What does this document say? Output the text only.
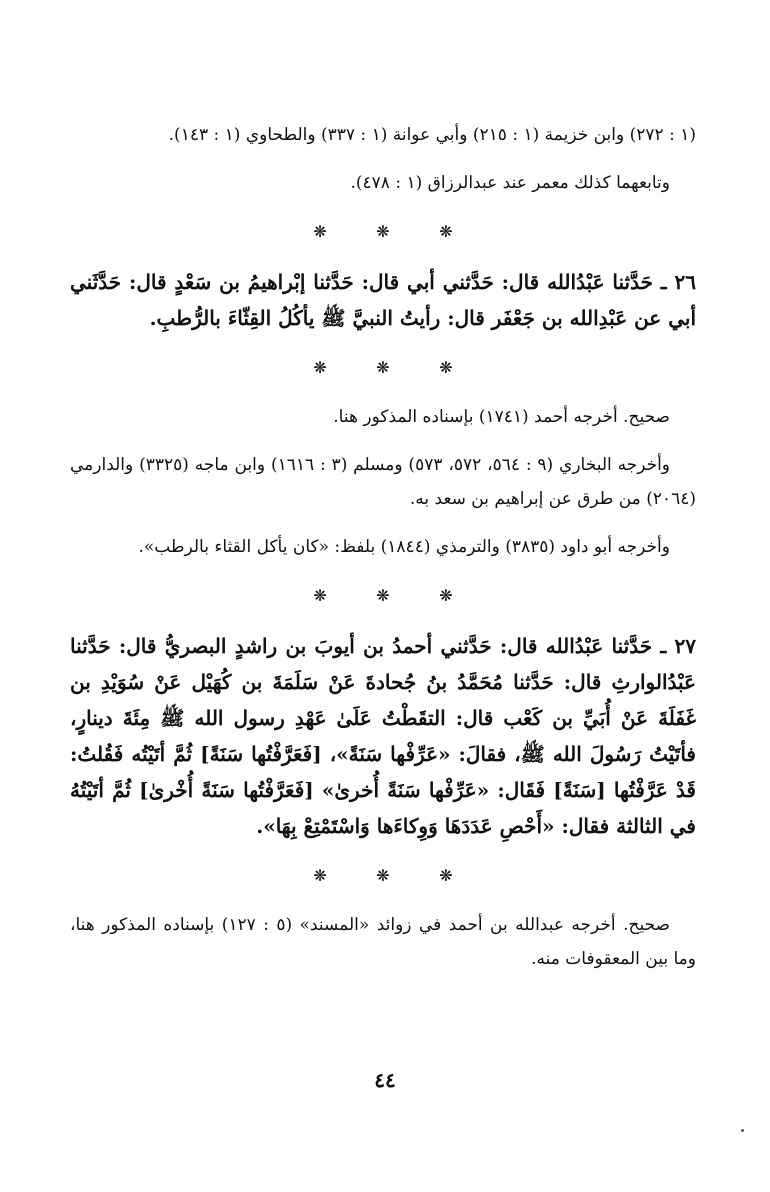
(١ : ٢٧٢) وابن خزيمة (١ : ٢١٥) وأبي عوانة (١ : ٣٣٧) والطحاوي (١ : ١٤٣).

وتابعهما كذلك معمر عند عبدالرزاق (١ : ٤٧٨).

❋ ❋ ❋

٢٦ ـ حَدَّثنا عَبْدُالله قال: حَدَّثني أبي قال: حَدَّثنا إبْراهيمُ بن سَعْدٍ قال: حَدَّثَني أبي عن عَبْدِالله بن جَعْفَر قال: رأيتُ النبيَّ ﷺ يأكُلُ القِثّاءَ بالرُّطبِ.

❋ ❋ ❋

صحيح. أخرجه أحمد (١٧٤١) بإسناده المذكور هنا.

وأخرجه البخاري (٩ : ٥٦٤، ٥٧٢، ٥٧٣) ومسلم (٣ : ١٦١٦) وابن ماجه (٣٣٢٥) والدارمي (٢٠٦٤) من طرق عن إبراهيم بن سعد به.

وأخرجه أبو داود (٣٨٣٥) والترمذي (١٨٤٤) بلفظ: «كان يأكل القثاء بالرطب».

❋ ❋ ❋

٢٧ ـ حَدَّثنا عَبْدُالله قال: حَدَّثني أحمدُ بن أيوبَ بن راشدٍ البصريُّ قال: حَدَّثنا عَبْدُالوارثِ قال: حَدَّثنا مُحَمَّدُ بنُ جُحادةَ عَنْ سَلَمَةَ بن كُهَيْل عَنْ سُوَيْدِ بن غَفَلَةَ عَنْ أُبَيِّ بن كَعْب قال: التقَطْتُ عَلَىٰ عَهْدِ رسول الله ﷺ مِئَةَ دينارٍ، فأتَيْتُ رَسُولَ الله ﷺ، فقالَ: «عَرِّفْها سَنَةً»، [فَعَرَّفْتُها سَنَةً] ثُمَّ أتَيْتُه فَقُلتُ: قَدْ عَرَّفْتُها [سَنَةً] فَقَال: «عَرِّفْها سَنَةً أُخرىٰ» [فَعَرَّفْتُها سَنَةً أُخْرىٰ] ثُمَّ أتَيْتُهُ في الثالثة فقال: «أَحْصِ عَدَدَهَا وَوِكاءَها وَاسْتَمْتِعْ بِهَا».

❋ ❋ ❋

صحيح. أخرجه عبدالله بن أحمد في زوائد «المسند» (٥ : ١٢٧) بإسناده المذكور هنا، وما بين المعقوفات منه.

٤٤
